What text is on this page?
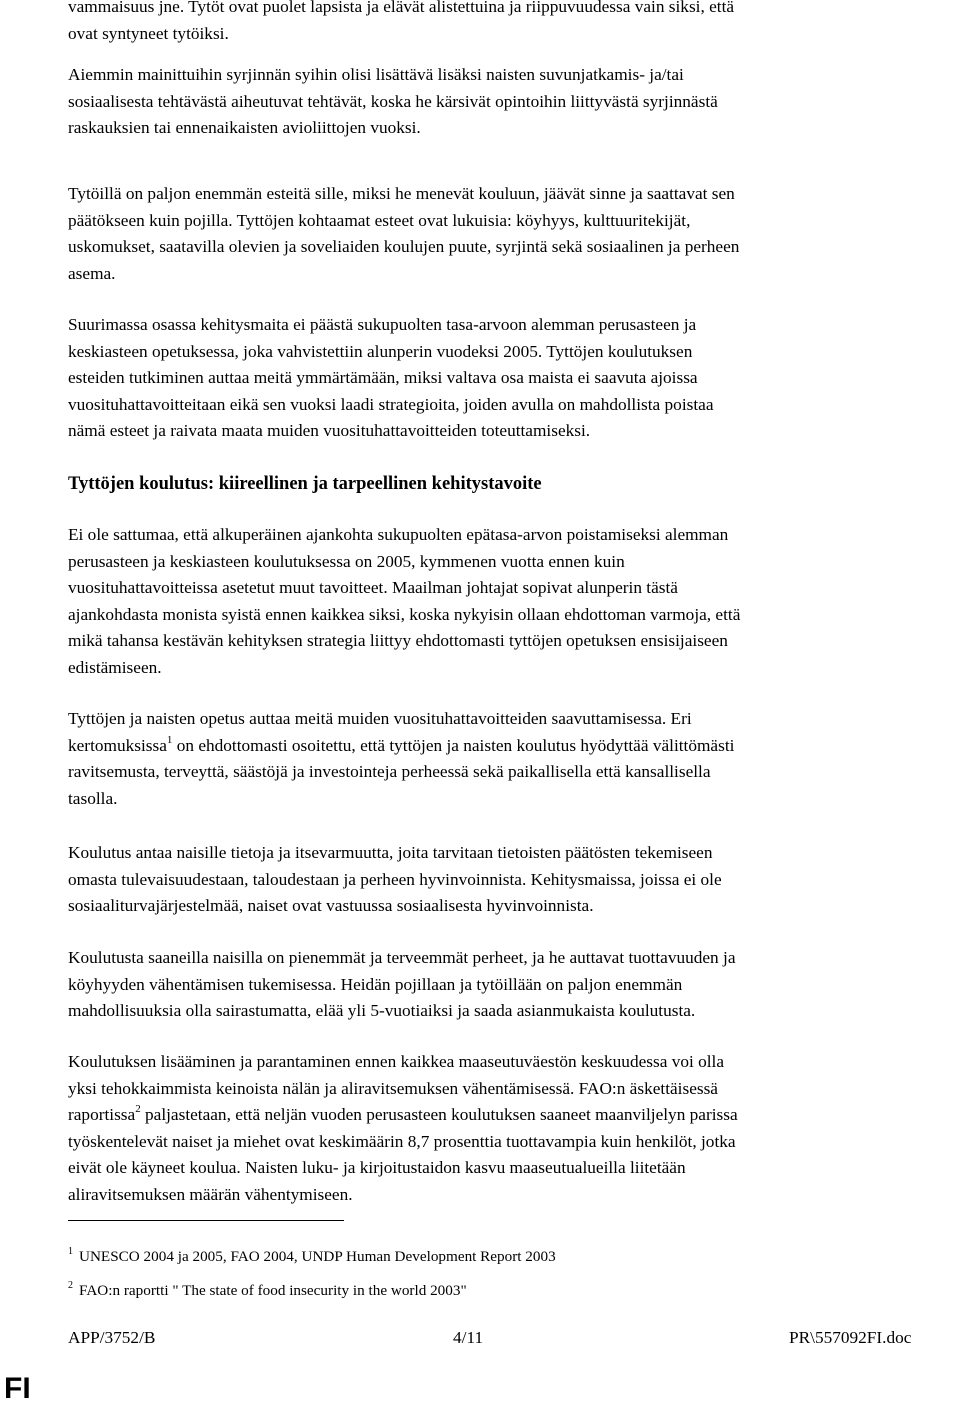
vammaisuus jne. Tytöt ovat puolet lapsista ja elävät alistettuina ja riippuvuudessa vain siksi, että
ovat syntyneet tytöiksi.
Aiemmin mainittuihin syrjinnän syihin olisi lisättävä lisäksi naisten suvunjatkamis- ja/tai
sosiaalisesta tehtävästä aiheutuvat tehtävät, koska he kärsivät opintoihin liittyvästä syrjinnästä
raskauksien tai ennenaikaisten avioliittojen vuoksi.
Tytöillä on paljon enemmän esteitä sille, miksi he menevät kouluun, jäävät sinne ja saattavat sen
päätökseen kuin pojilla. Tyttöjen kohtaamat esteet ovat lukuisia: köyhyys, kulttuuritekijät,
uskomukset, saatavilla olevien ja soveliaiden koulujen puute, syrjintä sekä sosiaalinen ja perheen
asema.
Suurimassa osassa kehitysmaita ei päästä sukupuolten tasa-arvoon alemman perusasteen ja
keskiasteen opetuksessa, joka vahvistettiin alunperin vuodeksi 2005. Tyttöjen koulutuksen
esteiden tutkiminen auttaa meitä ymmärtämään, miksi valtava osa maista ei saavuta ajoissa
vuosituhattavoitteitaan eikä sen vuoksi laadi strategioita, joiden avulla on mahdollista poistaa
nämä esteet ja raivata maata muiden vuosituhattavoitteiden toteuttamiseksi.
Tyttöjen koulutus: kiireellinen ja tarpeellinen kehitystavoite
Ei ole sattumaa, että alkuperäinen ajankohta sukupuolten epätasa-arvon poistamiseksi alemman
perusasteen ja keskiasteen koulutuksessa on 2005, kymmenen vuotta ennen kuin
vuosituhattavoitteissa asetetut muut tavoitteet. Maailman johtajat sopivat alunperin tästä
ajankohdasta monista syistä ennen kaikkea siksi, koska nykyisin ollaan ehdottoman varmoja, että
mikä tahansa kestävän kehityksen strategia liittyy ehdottomasti tyttöjen opetuksen ensisijaiseen
edistämiseen.
Tyttöjen ja naisten opetus auttaa meitä muiden vuosituhattavoitteiden saavuttamisessa. Eri
kertomuksissa$^1$ on ehdottomasti osoitettu, että tyttöjen ja naisten koulutus hyödyttää välittömästi
ravitsemusta, terveyttä, säästöjä ja investointeja perheessä sekä paikallisella että kansallisella
tasolla.
Koulutus antaa naisille tietoja ja itsevarmuutta, joita tarvitaan tietoisten päätösten tekemiseen
omasta tulevaisuudestaan, taloudestaan ja perheen hyvinvoinnista. Kehitysmaissa, joissa ei ole
sosiaaliturvajärjestelmää, naiset ovat vastuussa sosiaalisesta hyvinvoinnista.
Koulutusta saaneilla naisilla on pienemmät ja terveemmät perheet, ja he auttavat tuottavuuden ja
köyhyyden vähentämisen tukemisessa. Heidän pojillaan ja tytöillään on paljon enemmän
mahdollisuuksia olla sairastumatta, elää yli 5-vuotiaiksi ja saada asianmukaista koulutusta.
Koulutuksen lisääminen ja parantaminen ennen kaikkea maaseutuväestön keskuudessa voi olla
yksi tehokkaimmista keinoista nälän ja aliravitsemuksen vähentämisessä. FAO:n äskettäisessä
raportissa$^2$ paljastetaan, että neljän vuoden perusasteen koulutuksen saaneet maanviljelyn parissa
työskentelevät naiset ja miehet ovat keskimäärin 8,7 prosenttia tuottavampia kuin henkilöt, jotka
eivät ole käyneet koulua. Naisten luku- ja kirjoitustaidon kasvu maaseutualueilla liitetään
aliravitsemuksen määrän vähentymiseen.
$^1$ UNESCO 2004 ja 2005, FAO 2004, UNDP Human Development Report 2003
$^2$ FAO:n raportti " The state of food insecurity in the world 2003"
APP/3752/B	4/11	PR\557092FI.doc
FI
